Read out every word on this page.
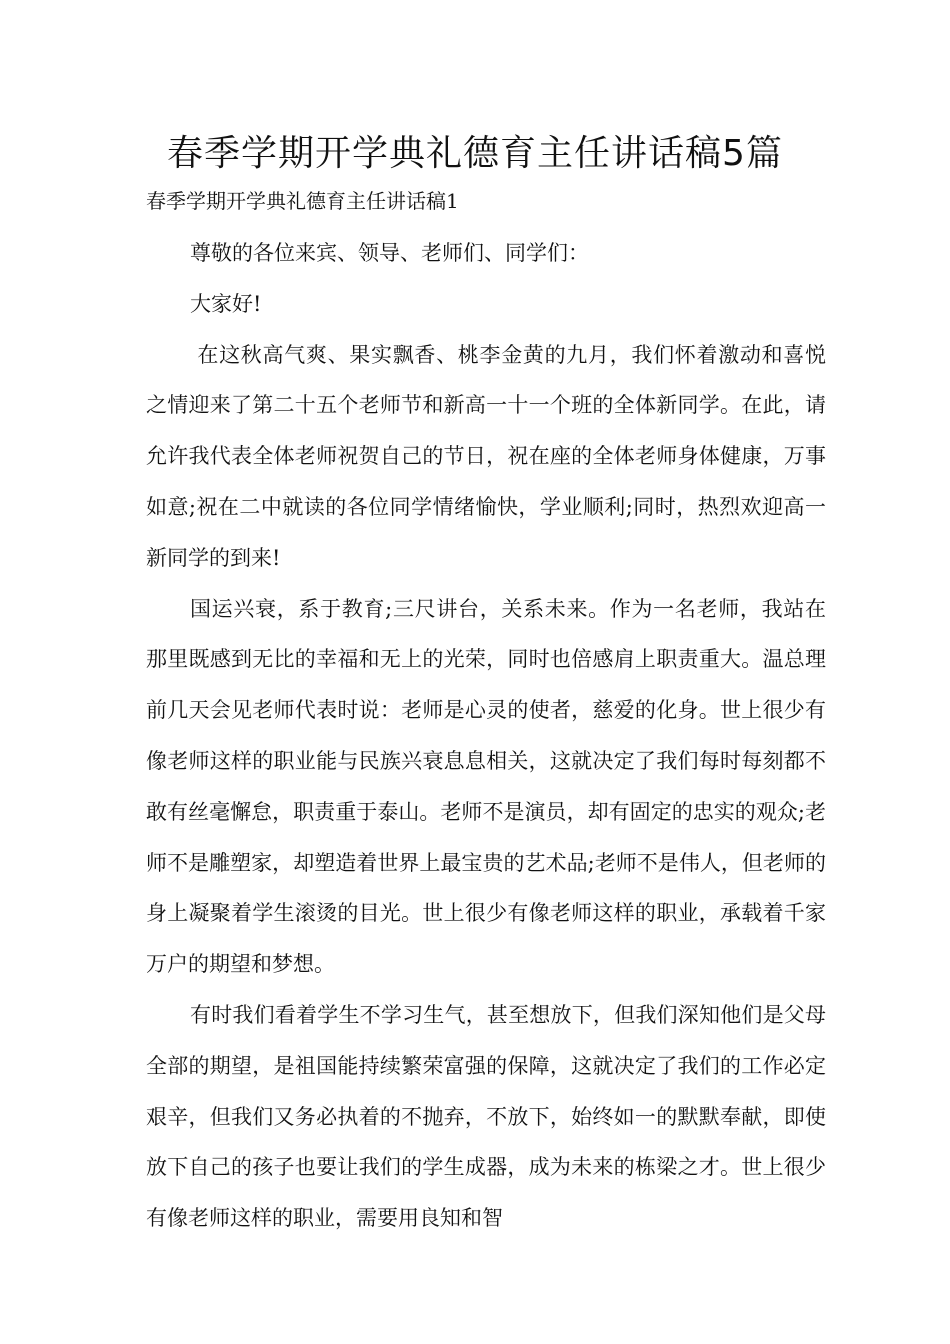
春季学期开学典礼德育主任讲话稿5篇

春季学期开学典礼德育主任讲话稿1

尊敬的各位来宾、领导、老师们、同学们：

大家好!

在这秋高气爽、果实飘香、桃李金黄的九月，我们怀着激动和喜悦之情迎来了第二十五个老师节和新高一十一个班的全体新同学。在此，请允许我代表全体老师祝贺自己的节日，祝在座的全体老师身体健康，万事如意;祝在二中就读的各位同学情绪愉快，学业顺利;同时，热烈欢迎高一新同学的到来!

国运兴衰，系于教育;三尺讲台，关系未来。作为一名老师，我站在那里既感到无比的幸福和无上的光荣，同时也倍感肩上职责重大。温总理前几天会见老师代表时说：老师是心灵的使者，慈爱的化身。世上很少有像老师这样的职业能与民族兴衰息息相关，这就决定了我们每时每刻都不敢有丝毫懈怠，职责重于泰山。老师不是演员，却有固定的忠实的观众;老师不是雕塑家，却塑造着世界上最宝贵的艺术品;老师不是伟人，但老师的身上凝聚着学生滚烫的目光。世上很少有像老师这样的职业，承载着千家万户的期望和梦想。

有时我们看着学生不学习生气，甚至想放下，但我们深知他们是父母全部的期望，是祖国能持续繁荣富强的保障，这就决定了我们的工作必定艰辛，但我们又务必执着的不抛弃，不放下，始终如一的默默奉献，即使放下自己的孩子也要让我们的学生成器，成为未来的栋梁之才。世上很少有像老师这样的职业，需要用良知和智
